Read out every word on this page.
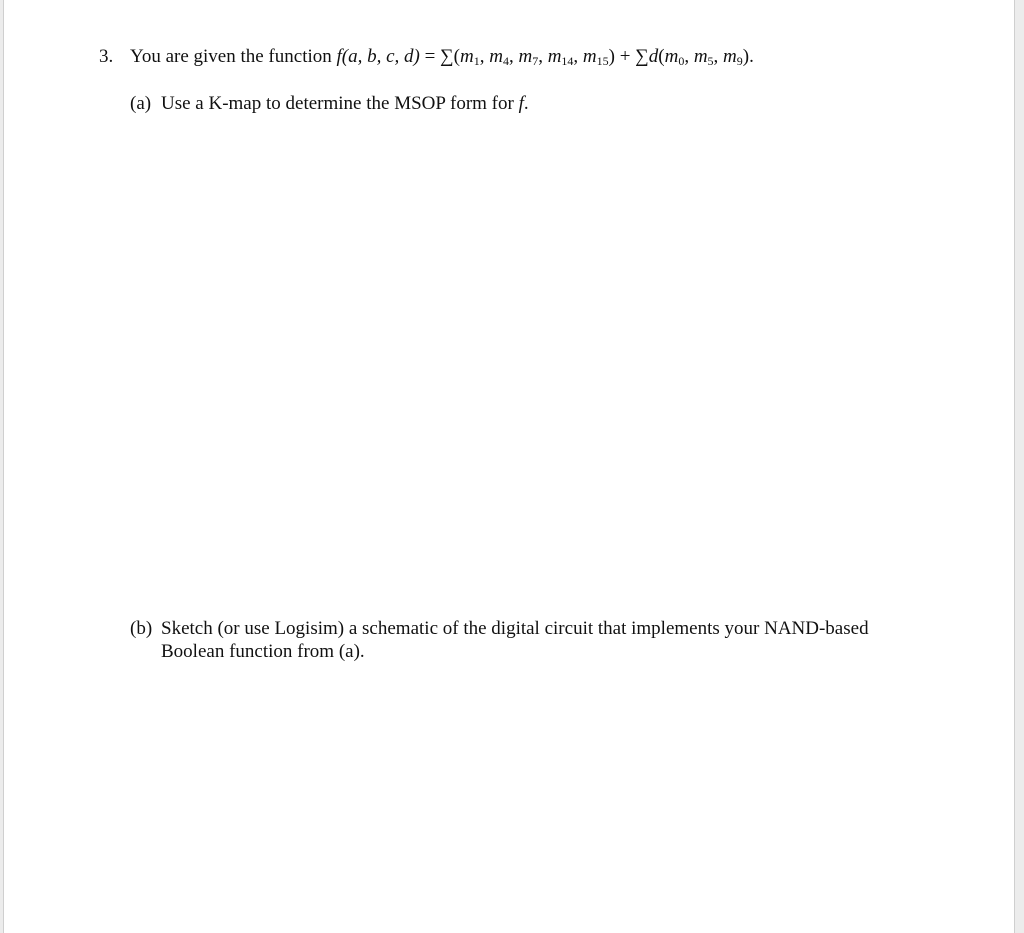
3. You are given the function f(a, b, c, $d) = \sum(m_1$, $m_4$, $m_7$, $m_{14}$, $m_{15}) + \sum d(m_0$, $m_5$, $m_9$).
(a) Use a K-map to determine the MSOP form for f.
(b) Sketch (or use Logisim) a schematic of the digital circuit that implements your NAND-based
Boolean function from (a).
